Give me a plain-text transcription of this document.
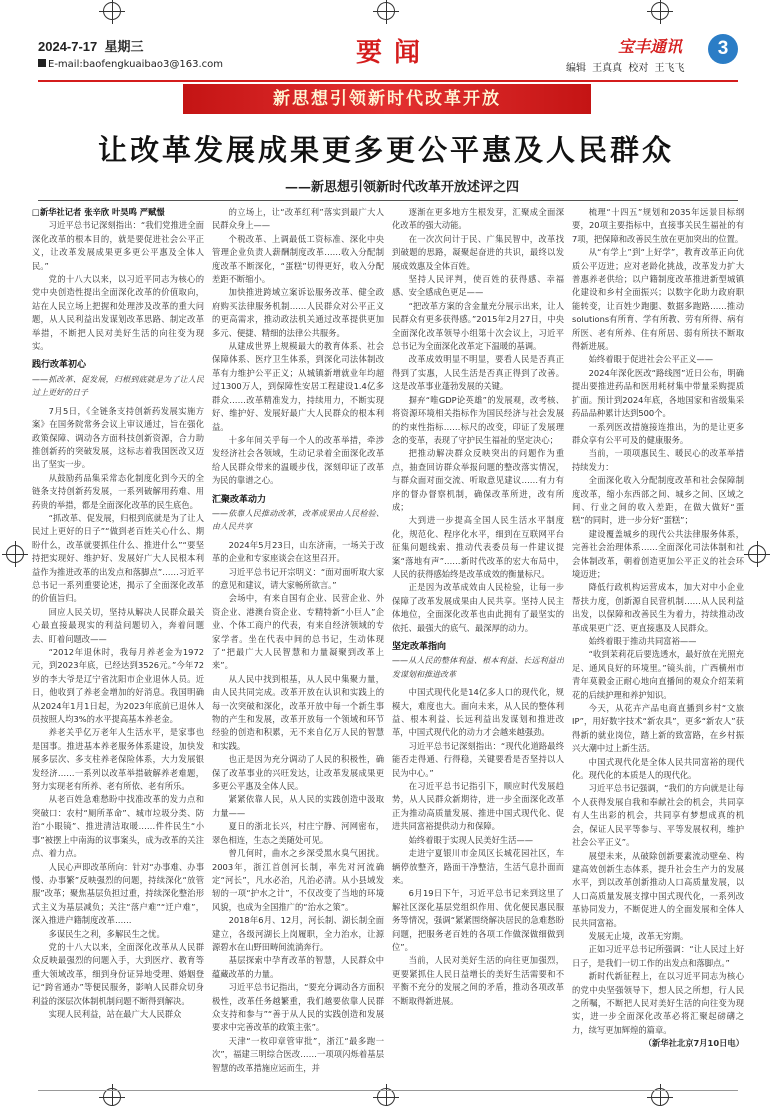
2024-7-17 星期三
E-mail:baofengkuaibao3@163.com	要闻	宝丰通讯	3
编辑 王真真 校对 王飞飞
新思想引领新时代改革开放
让改革发展成果更多更公平惠及人民群众
——新思想引领新时代改革开放述评之四

□新华社记者 张辛欣 叶昊鸣 严赋憬

习近平总书记深刻指出：“我们党推进全面深化改革的根本目的，就是要促进社会公平正义，让改革发展成果更多更公平惠及全体人民。”

党的十八大以来，以习近平同志为核心的党中央创造性提出全面深化改革的价值取向，站在人民立场上把握和处理涉及改革的重大问题，从人民利益出发谋划改革思路、制定改革举措，不断把人民对美好生活的向往变为现实。

践行改革初心

——抓改革、促发展，归根到底就是为了让人民过上更好的日子

7月5日，《全链条支持创新药发展实施方案》在国务院常务会议上审议通过，旨在强化政策保障、调动各方面科技创新资源，合力助推创新药的突破发展，这标志着我国医改又迈出了坚实一步。

从鼓励药品集采常态化制度化到今天的全链条支持创新药发展，一系列破解用药难、用药贵的举措，都是全面深化改革的民生底色。

“抓改革、促发展，归根到底就是为了让人民过上更好的日子”“做到老百姓关心什么、期盼什么，改革就要抓住什么、推进什么”“要坚持把实现好、维护好、发展好广大人民根本利益作为推进改革的出发点和落脚点”……习近平总书记一系列重要论述，揭示了全面深化改革的价值旨归。

回应人民关切，坚持从解决人民群众最关心最直接最现实的利益问题切入，奔着问题去、盯着问题改——

“2012年退休时，我每月养老金为1972元，到2023年底，已经达到3526元。”今年72岁的李大爷是辽宁省沈阳市企业退休人员。近日，他收到了养老金增加的好消息。我国明确从2024年1月1日起，为2023年底前已退休人员按照人均3%的水平提高基本养老金。

养老关乎亿万老年人生活水平，是家事也是国事。推进基本养老服务体系建设，加快发展多层次、多支柱养老保险体系，大力发展银发经济……一系列以改革举措破解养老难题，努力实现老有所养、老有所依、老有所乐。

从老百姓急难愁盼中找准改革的发力点和突破口：农村“厕所革命”、城市垃圾分类、防治“小眼镜”、推进清洁取暖……件件民生“小事”被摆上中南海的议事案头，成为改革的关注点、着力点。

人民心声即改革所向：针对“办事难、办事慢、办事繁”反映强烈的问题，持续深化“放管服”改革；聚焦基层负担过重，持续深化整治形式主义为基层减负；关注“落户难”“迁户难”，深入推进户籍制度改革……

多谋民生之利，多解民生之忧。

党的十八大以来，全面深化改革从人民群众反映最强烈的问题入手，大到医疗、教育等重大领域改革，细到身份证异地受理、婚姻登记“跨省通办”等便民服务，影响人民群众切身利益的深层次体制机制问题不断得到解决。

实现人民利益，站在最广大人民群众

的立场上，让“改革红利”落实到最广大人民群众身上——

个税改革、上调最低工资标准、深化中央管理企业负责人薪酬制度改革……收入分配制度改革不断深化，“蛋糕”切得更好，收入分配差距不断缩小。

加快推进跨域立案诉讼服务改革、健全政府购买法律服务机制……人民群众对公平正义的更高需求，推动政法机关通过改革提供更加多元、便捷、精细的法律公共服务。

从建成世界上规模最大的教育体系、社会保障体系、医疗卫生体系，到深化司法体制改革有力维护公平正义；从城镇新增就业年均超过1300万人，到保障性安居工程建设1.4亿多群众……改革精准发力，持续用力，不断实现好、维护好、发展好最广大人民群众的根本利益。

十多年间关乎每一个人的改革举措，牵涉发经济社会各领域，生动记录着全面深化改革给人民群众带来的温暖步伐，深刻印证了改革为民的靠谱之心。

汇聚改革动力

——依靠人民推动改革，改革成果由人民检验、由人民共享

2024年5月23日，山东济南，一场关于改革的企业和专家座谈会在这里召开。

习近平总书记开宗明义：“面对面听取大家的意见和建议，请大家畅所欲言。”

会场中，有来自国有企业、民营企业、外资企业、港澳台资企业、专精特新“小巨人”企业、个体工商户的代表，有来自经济领域的专家学者。坐在代表中间的总书记，生动体现了“把最广大人民智慧和力量凝聚到改革上来”。

从人民中找到根基，从人民中集聚力量，由人民共同完成。改革开放在认识和实践上的每一次突破和深化，改革开放中每一个新生事物的产生和发展，改革开放每一个领域和环节经验的创造和积累，无不来自亿万人民的智慧和实践。

也正是因为充分调动了人民的积极性，确保了改革事业的兴旺发达，让改革发展成果更多更公平惠及全体人民。

紧紧依靠人民，从人民的实践创造中汲取力量——

夏日的浙北长兴，村庄宁静、河网密布，翠色相连，生态之美随处可见。

曾几何时，曲水之乡深受黑水臭气困扰。2003年，浙江首创河长制，率先对河流确定“河长”，凡水必治，凡治必清。从小县域发轫的一项“护水之计”，不仅改变了当地的环境风貌，也成为全国推广的“治水之策”。

2018年6月、12月，河长制、湖长制全面建立，各级河湖长上岗履职，全力治水，让源源碧水在山野田畴间流淌奔行。

基层探索中孕育改革的智慧，人民群众中蕴藏改革的力量。

习近平总书记指出，“要充分调动各方面积极性，改革任务越繁重，我们越要依靠人民群众支持和参与”“善于从人民的实践创造和发展要求中完善改革的政策主张”。

天津“一枚印章管审批”，浙江“最多跑一次”，福建三明综合医改……一项项闪烁着基层智慧的改革措施应运而生，并

逐渐在更多地方生根发芽，汇聚成全面深化改革的强大动能。

在一次次问计于民、广集民智中，改革找到破题的思路，凝聚起奋进的共识，最终以发展成效惠及全体百姓。

坚持人民评判，使百姓的获得感、幸福感、安全感成色更足——

“把改革方案的含金量充分展示出来，让人民群众有更多获得感。”2015年2月27日，中央全面深化改革领导小组第十次会议上，习近平总书记为全面深化改革定下温暖的基调。

改革成效明显不明显，要看人民是否真正得到了实惠，人民生活是否真正得到了改善。这是改革事业蓬勃发展的关键。

摒弃“唯GDP论英雄”的发展观，改考核、将资源环境相关指标作为国民经济与社会发展的约束性指标……标尺的改变，印证了发展理念的变革，表现了守护民生福祉的坚定决心；

把推动解决群众反映突出的问题作为重点，抽查回访群众举报问题的整改落实情况，与群众面对面交流、听取意见建议……有力有序的督办督察机制，确保改革所进，改有所成；

大到进一步提高全国人民生活水平制度化，规范化、程序化水平，细到在互联网平台征集问题线索、推动代表委员每一件建议提案“落地有声”……新时代改革的宏大布局中，人民的获得感始终是改革成效的衡量标尺。

正是因为改革成效由人民检验，让每一步保障了改革发展成果由人民共享。坚持人民主体地位，全面深化改革也由此拥有了最坚实的依托、最强大的底气、最深厚的动力。

坚定改革指向

——从人民的整体利益、根本利益、长远利益出发谋划和推进改革

中国式现代化是14亿多人口的现代化，规模大，难度也大。面向未来，从人民的整体利益、根本利益、长远利益出发谋划和推进改革，中国式现代化的动力才会越来越强劲。

习近平总书记深刻指出：“现代化道路最终能否走得通、行得稳，关键要看是否坚持以人民为中心。”

在习近平总书记指引下，顺应时代发展趋势，从人民群众新期待，进一步全面深化改革正为推动高质量发展、推进中国式现代化、促进共同富裕提供动力和保障。

始终着眼于实现人民美好生活——

走进宁夏银川市金凤区长城花园社区，车辆停放整齐，路面干净整洁，生活气息扑面而来。

6月19日下午，习近平总书记来到这里了解社区深化基层党组织作用、优化便民惠民服务等情况，强调“紧紧围绕解决居民的急难愁盼问题，把服务老百姓的各项工作做深做细做到位”。

当前，人民对美好生活的向往更加强烈，更要紧抓住人民日益增长的美好生活需要和不平衡不充分的发展之间的矛盾，推动各项改革不断取得新进展。

梳理“十四五”规划和2035年远景目标纲要，20项主要指标中，直接事关民生福祉的有7项，把保障和改善民生放在更加突出的位置。

从“有学上”到“上好学”，教育改革正向优质公平迈进；应对老龄化挑战，改革发力扩大普惠养老供给；以户籍制度改革推进新型城镇化建设和乡村全面振兴；以数字化助力政府职能转变，让百姓少跑腿、数据多跑路……推动solutions有所育、学有所教、劳有所得、病有所医、老有所养、住有所居、弱有所扶不断取得新进展。

始终着眼于促进社会公平正义——

2024年深化医改“路线图”近日公布，明确提出要推进药品和医用耗材集中带量采购提质扩面。预计到2024年底，各地国家和省级集采药品品种累计达到500个。

一系列医改措施接连推出，为的是让更多群众享有公平可及的健康服务。

当前，一项项惠民生、暖民心的改革举措持续发力：

全面深化收入分配制度改革和社会保障制度改革，缩小东西部之间、城乡之间、区域之间、行业之间的收入差距，在做大做好“蛋糕”的同时，进一步分好“蛋糕”；

建设覆盖城乡的现代公共法律服务体系，完善社会治理体系……全面深化司法体制和社会体制改革，朝着创造更加公平正义的社会环境迈进；

降低行政机构运营成本，加大对中小企业帮扶力度，创新源自民营机制……从人民利益出发，以保障和改善民生为着力，持续推动改革成果更广泛、更直接惠及人民群众。

始终着眼于推动共同富裕——

“收到茉莉花后要选透水，最好放在光照充足、通风良好的环境里。”镜头前，广西横州市青年莫毅金正耐心地向直播间的观众介绍茉莉花的后续护理和养护知识。

今天，从花卉产品电商直播到乡村“文旅IP”，用好数字技术“新农具”，更多“新农人”获得新的就业岗位，踏上新的致富路，在乡村振兴大潮中过上新生活。

中国式现代化是全体人民共同富裕的现代化。现代化的本质是人的现代化。

习近平总书记强调，“我们的方向就是让每个人获得发展自我和奉献社会的机会，共同享有人生出彩的机会，共同享有梦想成真的机会，保证人民平等参与、平等发展权利，维护社会公平正义”。

展望未来，从破除创新要素流动壁垒、构建高效创新生态体系，提升社会生产力的发展水平，到以改革创新推动人口高质量发展，以人口高质量发展支撑中国式现代化，一系列改革协同发力，不断促进人的全面发展和全体人民共同富裕。

发展无止境，改革无穷期。

正如习近平总书记所强调：“让人民过上好日子，是我们一切工作的出发点和落脚点。”

新时代新征程上，在以习近平同志为核心的党中央坚强领导下，想人民之所想，行人民之所嘱，不断把人民对美好生活的向往变为现实，进一步全面深化改革必将汇聚起磅礴之力，续写更加辉煌的篇章。

（新华社北京7月10日电）
